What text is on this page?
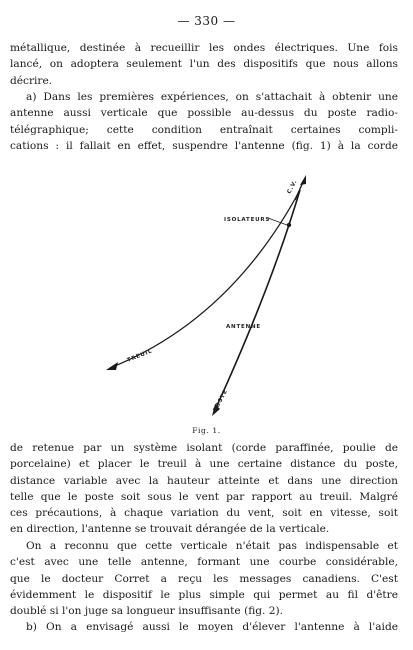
— 330 —

métallique, destinée à recueillir les ondes électriques. Une fois
lancé, on adoptera seulement l'un des dispositifs que nous allons
décrire.

a) Dans les premières expériences, on s'attachait à obtenir une
antenne aussi verticale que possible au-dessus du poste radio-
télégraphique; cette condition entraînait certaines compli-
cations : il fallait en effet, suspendre l'antenne (fig. 1) à la corde

C.V.
ISOLATEURS
ANTENNE
POSTE
TREUIL
Fig. 1.

de retenue par un système isolant (corde paraffinée, poulie de
porcelaine) et placer le treuil à une certaine distance du poste,
distance variable avec la hauteur atteinte et dans une direction
telle que le poste soit sous le vent par rapport au treuil. Malgré
ces précautions, à chaque variation du vent, soit en vitesse, soit
en direction, l'antenne se trouvait dérangée de la verticale.

On a reconnu que cette verticale n'était pas indispensable et
c'est avec une telle antenne, formant une courbe considérable,
que le docteur Corret a reçu les messages canadiens. C'est
évidemment le dispositif le plus simple qui permet au fil d'être
doublé si l'on juge sa longueur insuffisante (fig. 2).

b) On a envisagé aussi le moyen d'élever l'antenne à l'aide
